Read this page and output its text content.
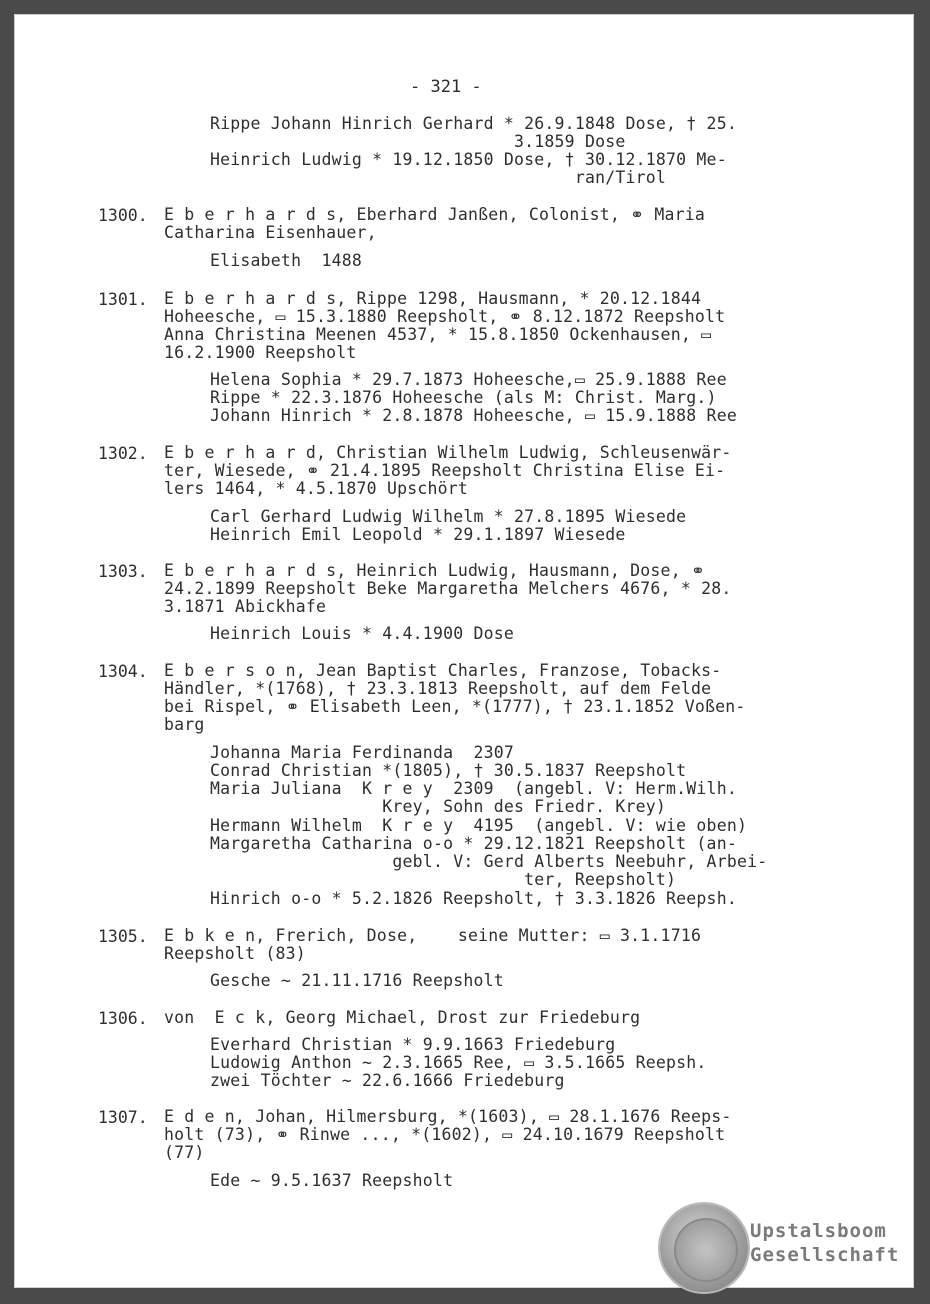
- 321 -
Rippe Johann Hinrich Gerhard * 26.9.1848 Dose, † 25.
3.1859 Dose
Heinrich Ludwig * 19.12.1850 Dose, † 30.12.1870 Me-
ran/Tirol
1300. E b e r h a r d s, Eberhard Janßen, Colonist, ⚭ Maria
Catharina Eisenhauer,
Elisabeth  1488
1301. E b e r h a r d s, Rippe 1298, Hausmann, * 20.12.1844
Hoheesche, ▭ 15.3.1880 Reepsholt, ⚭ 8.12.1872 Reepsholt
Anna Christina Meenen 4537, * 15.8.1850 Ockenhausen, ▭
16.2.1900 Reepsholt
Helena Sophia * 29.7.1873 Hoheesche,▭ 25.9.1888 Ree
Rippe * 22.3.1876 Hoheesche (als M: Christ. Marg.)
Johann Hinrich * 2.8.1878 Hoheesche, ▭ 15.9.1888 Ree
1302. E b e r h a r d, Christian Wilhelm Ludwig, Schleusenwär-
ter, Wiesede, ⚭ 21.4.1895 Reepsholt Christina Elise Ei-
lers 1464, * 4.5.1870 Upschört
Carl Gerhard Ludwig Wilhelm * 27.8.1895 Wiesede
Heinrich Emil Leopold * 29.1.1897 Wiesede
1303. E b e r h a r d s, Heinrich Ludwig, Hausmann, Dose, ⚭
24.2.1899 Reepsholt Beke Margaretha Melchers 4676, * 28.
3.1871 Abickhafe
Heinrich Louis * 4.4.1900 Dose
1304. E b e r s o n, Jean Baptist Charles, Franzose, Tobacks-
Händler, *(1768), † 23.3.1813 Reepsholt, auf dem Felde
bei Rispel, ⚭ Elisabeth Leen, *(1777), † 23.1.1852 Voßen-
barg
Johanna Maria Ferdinanda  2307
Conrad Christian *(1805), † 30.5.1837 Reepsholt
Maria Juliana  K r e y  2309  (angebl. V: Herm.Wilh.
Krey, Sohn des Friedr. Krey)
Hermann Wilhelm  K r e y  4195  (angebl. V: wie oben)
Margaretha Catharina o-o * 29.12.1821 Reepsholt (an-
gebl. V: Gerd Alberts Neebuhr, Arbei-
ter, Reepsholt)
Hinrich o-o * 5.2.1826 Reepsholt, † 3.3.1826 Reepsh.
1305. E b k e n, Frerich, Dose,    seine Mutter: ▭ 3.1.1716
Reepsholt (83)
Gesche ~ 21.11.1716 Reepsholt
1306. von  E c k, Georg Michael, Drost zur Friedeburg
Everhard Christian * 9.9.1663 Friedeburg
Ludowig Anthon ~ 2.3.1665 Ree, ▭ 3.5.1665 Reepsh.
zwei Töchter ~ 22.6.1666 Friedeburg
1307. E d e n, Johan, Hilmersburg, *(1603), ▭ 28.1.1676 Reeps-
holt (73), ⚭ Rinwe ..., *(1602), ▭ 24.10.1679 Reepsholt
(77)
Ede ~ 9.5.1637 Reepsholt
Upstalsboom
Gesellschaft
